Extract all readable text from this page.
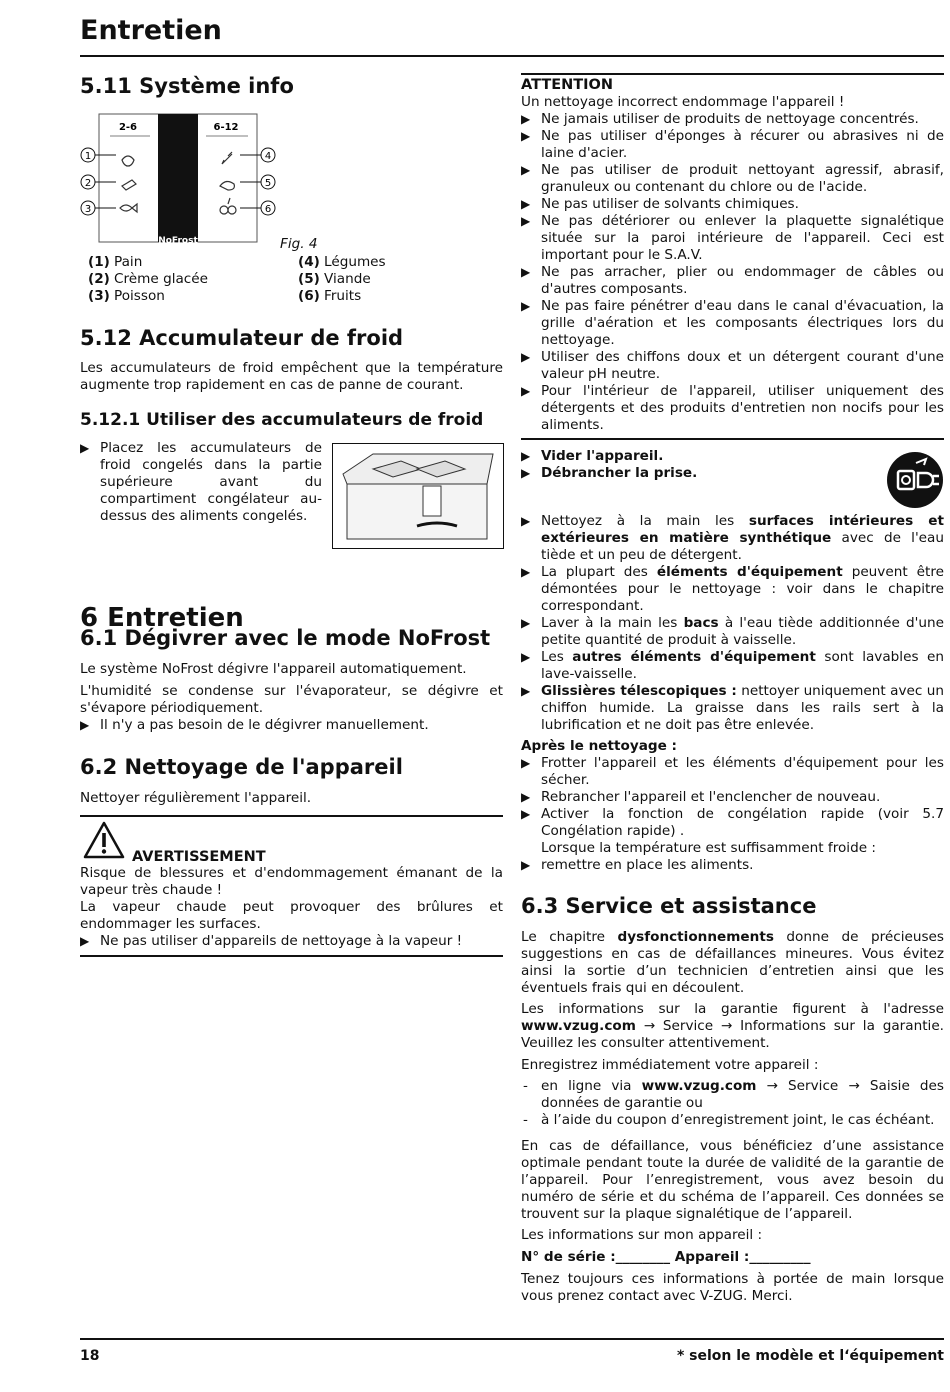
Entretien
5.11 Système info
2-6	6-12
NoFrost
1
2
3
4
5
6
Fig. 4
(1) Pain
(2) Crème glacée
(3) Poisson
(4) Légumes
(5) Viande
(6) Fruits
5.12 Accumulateur de froid

Les accumulateurs de froid empêchent que la température augmente trop rapidement en cas de panne de courant.

5.12.1 Utiliser des accumulateurs de froid
▶ Placez les accumulateurs de froid congelés dans la partie supérieure avant du compartiment congélateur au-dessus des aliments congelés.
6 Entretien
6.1 Dégivrer avec le mode NoFrost

Le système NoFrost dégivre l'appareil automatiquement.

L'humidité se condense sur l'évaporateur, se dégivre et s'évapore périodiquement.

▶ Il n'y a pas besoin de le dégivrer manuellement.
6.2 Nettoyage de l'appareil

Nettoyer régulièrement l'appareil.

AVERTISSEMENT

Risque de blessures et d'endommagement émanant de la vapeur très chaude !

La vapeur chaude peut provoquer des brûlures et endommager les surfaces.

▶ Ne pas utiliser d'appareils de nettoyage à la vapeur !
ATTENTION

Un nettoyage incorrect endommage l'appareil !

▶ Ne jamais utiliser de produits de nettoyage concentrés.
▶ Ne pas utiliser d'éponges à récurer ou abrasives ni de laine d'acier.
▶ Ne pas utiliser de produit nettoyant agressif, abrasif, granuleux ou contenant du chlore ou de l'acide.
▶ Ne pas utiliser de solvants chimiques.
▶ Ne pas détériorer ou enlever la plaquette signalétique située sur la paroi intérieure de l'appareil. Ceci est important pour le S.A.V.
▶ Ne pas arracher, plier ou endommager de câbles ou d'autres composants.
▶ Ne pas faire pénétrer d'eau dans le canal d'évacuation, la grille d'aération et les composants électriques lors du nettoyage.
▶ Utiliser des chiffons doux et un détergent courant d'une valeur pH neutre.
▶ Pour l'intérieur de l'appareil, utiliser uniquement des détergents et des produits d'entretien non nocifs pour les aliments.
▶ Vider l'appareil.
▶ Débrancher la prise.
▶ Nettoyez à la main les surfaces intérieures et extérieures en matière synthétique avec de l'eau tiède et un peu de détergent.
▶ La plupart des éléments d'équipement peuvent être démontées pour le nettoyage : voir dans le chapitre correspondant.
▶ Laver à la main les bacs à l'eau tiède additionnée d'une petite quantité de produit à vaisselle.
▶ Les autres éléments d'équipement sont lavables en lave-vaisselle.
▶ Glissières télescopiques : nettoyer uniquement avec un chiffon humide. La graisse dans les rails sert à la lubrification et ne doit pas être enlevée.
Après le nettoyage :
▶ Frotter l'appareil et les éléments d'équipement pour les sécher.
▶ Rebrancher l'appareil et l'enclencher de nouveau.
▶ Activer la fonction de congélation rapide (voir 5.7 Congélation rapide) .
Lorsque la température est suffisamment froide :
▶ remettre en place les aliments.
6.3 Service et assistance

Le chapitre dysfonctionnements donne de précieuses suggestions en cas de défaillances mineures. Vous évitez ainsi la sortie d’un technicien d’entretien ainsi que les éventuels frais qui en découlent.

Les informations sur la garantie figurent à l'adresse www.vzug.com → Service → Informations sur la garantie. Veuillez les consulter attentivement.

Enregistrez immédiatement votre appareil :

- en ligne via www.vzug.com → Service → Saisie des données de garantie ou
- à l’aide du coupon d’enregistrement joint, le cas échéant.

En cas de défaillance, vous bénéficiez d’une assistance optimale pendant toute la durée de validité de la garantie de l’appareil. Pour l’enregistrement, vous avez besoin du numéro de série et du schéma de l’appareil. Ces données se trouvent sur la plaque signalétique de l’appareil.

Les informations sur mon appareil :

N° de série :________ Appareil :_________

Tenez toujours ces informations à portée de main lorsque vous prenez contact avec V-ZUG. Merci.

18	* selon le modèle et l‘équipement
